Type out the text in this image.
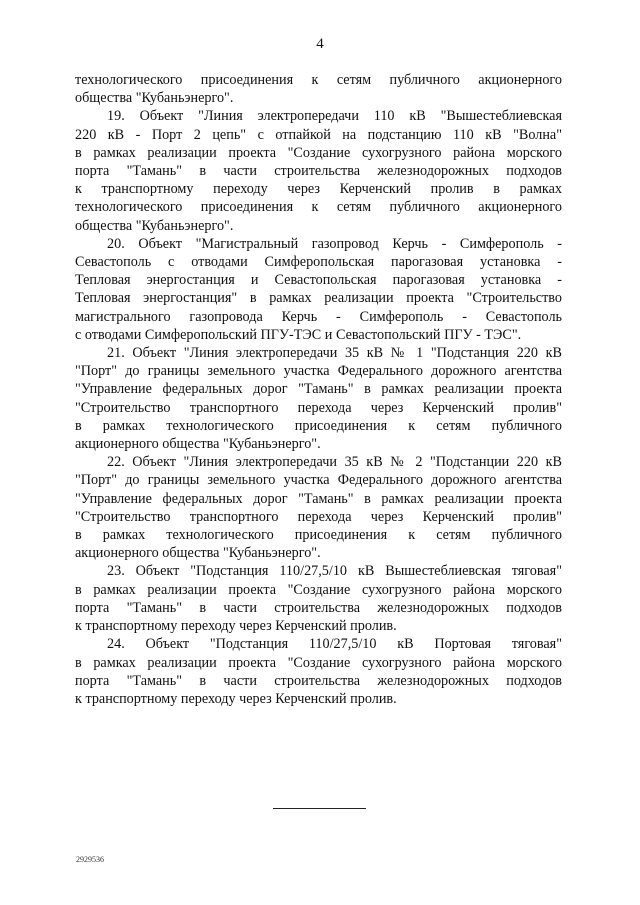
4
технологического присоединения к сетям публичного акционерного
общества "Кубаньэнерго".
19. Объект "Линия электропередачи 110 кВ "Вышестеблиевская
220 кВ - Порт 2 цепь" с отпайкой на подстанцию 110 кВ "Волна"
в рамках реализации проекта "Создание сухогрузного района морского
порта "Тамань" в части строительства железнодорожных подходов
к транспортному переходу через Керченский пролив в рамках
технологического присоединения к сетям публичного акционерного
общества "Кубаньэнерго".
20. Объект "Магистральный газопровод Керчь - Симферополь -
Севастополь с отводами Симферопольская парогазовая установка -
Тепловая энергостанция и Севастопольская парогазовая установка -
Тепловая энергостанция" в рамках реализации проекта "Строительство
магистрального газопровода Керчь - Симферополь - Севастополь
с отводами Симферопольский ПГУ-ТЭС и Севастопольский ПГУ - ТЭС".
21. Объект "Линия электропередачи 35 кВ № 1 "Подстанция 220 кВ
"Порт" до границы земельного участка Федерального дорожного агентства
"Управление федеральных дорог "Тамань" в рамках реализации проекта
"Строительство транспортного перехода через Керченский пролив"
в рамках технологического присоединения к сетям публичного
акционерного общества "Кубаньэнерго".
22. Объект "Линия электропередачи 35 кВ № 2 "Подстанции 220 кВ
"Порт" до границы земельного участка Федерального дорожного агентства
"Управление федеральных дорог "Тамань" в рамках реализации проекта
"Строительство транспортного перехода через Керченский пролив"
в рамках технологического присоединения к сетям публичного
акционерного общества "Кубаньэнерго".
23. Объект "Подстанция 110/27,5/10 кВ Вышестеблиевская тяговая"
в рамках реализации проекта "Создание сухогрузного района морского
порта "Тамань" в части строительства железнодорожных подходов
к транспортному переходу через Керченский пролив.
24. Объект "Подстанция 110/27,5/10 кВ Портовая тяговая"
в рамках реализации проекта "Создание сухогрузного района морского
порта "Тамань" в части строительства железнодорожных подходов
к транспортному переходу через Керченский пролив.
2929536
